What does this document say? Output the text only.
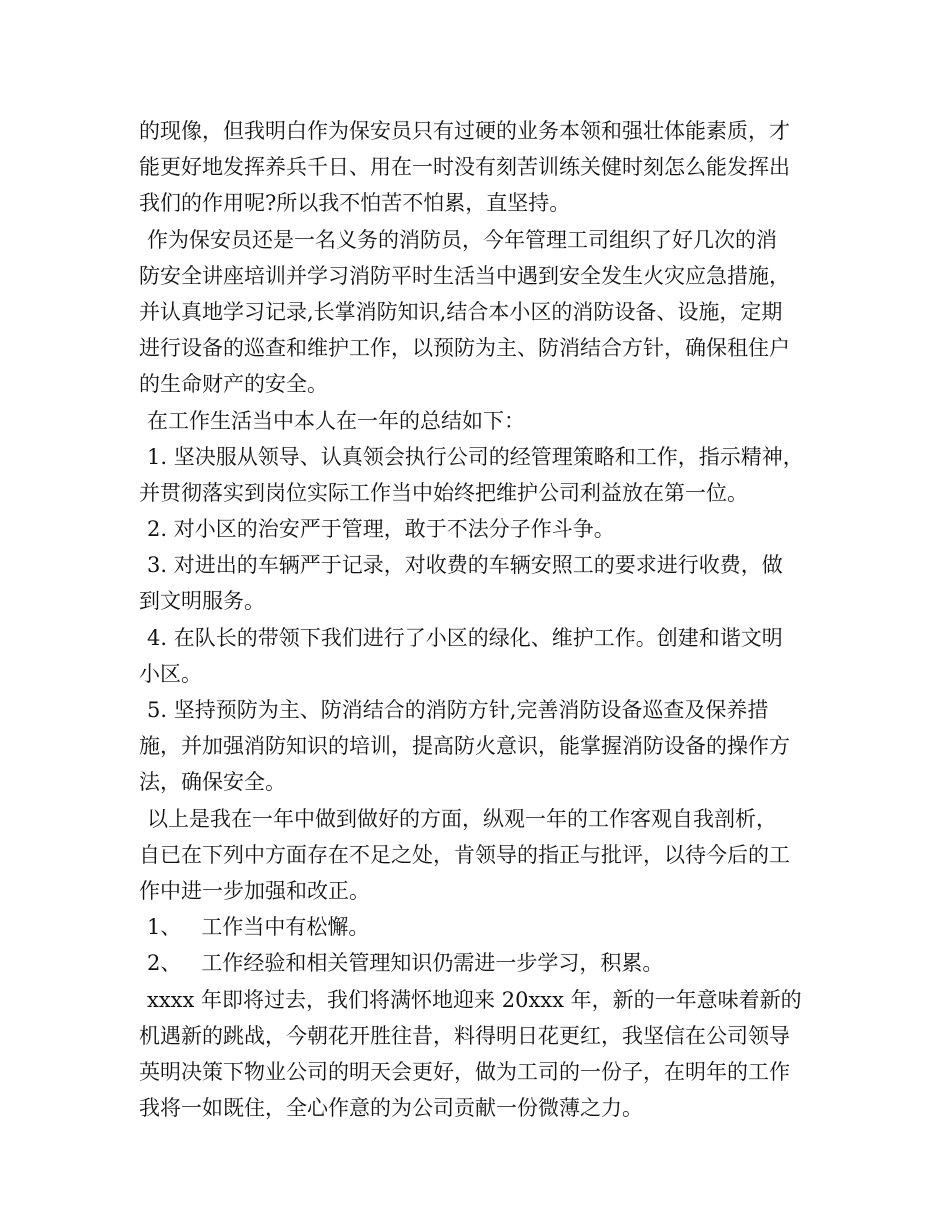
的现像，但我明白作为保安员只有过硬的业务本领和强壮体能素质，才
能更好地发挥养兵千日、用在一时没有刻苦训练关健时刻怎么能发挥出
我们的作用呢?所以我不怕苦不怕累，直坚持。
作为保安员还是一名义务的消防员，今年管理工司组织了好几次的消
防安全讲座培训并学习消防平时生活当中遇到安全发生火灾应急措施，
并认真地学习记录,长掌消防知识,结合本小区的消防设备、设施，定期
进行设备的巡查和维护工作，以预防为主、防消结合方针，确保租住户
的生命财产的安全。
在工作生活当中本人在一年的总结如下：
1. 坚决服从领导、认真领会执行公司的经管理策略和工作，指示精神，
并贯彻落实到岗位实际工作当中始终把维护公司利益放在第一位。
2. 对小区的治安严于管理，敢于不法分子作斗争。
3. 对进出的车辆严于记录，对收费的车辆安照工的要求进行收费，做
到文明服务。
4. 在队长的带领下我们进行了小区的绿化、维护工作。创建和谐文明
小区。
5. 坚持预防为主、防消结合的消防方针,完善消防设备巡查及保养措
施，并加强消防知识的培训，提高防火意识，能掌握消防设备的操作方
法，确保安全。
以上是我在一年中做到做好的方面，纵观一年的工作客观自我剖析，
自已在下列中方面存在不足之处，肯领导的指正与批评，以待今后的工
作中进一步加强和改正。
1、   工作当中有松懈。
2、   工作经验和相关管理知识仍需进一步学习，积累。
xxxx 年即将过去，我们将满怀地迎来 20xxx 年，新的一年意味着新的
机遇新的跳战，今朝花开胜往昔，料得明日花更红，我坚信在公司领导
英明决策下物业公司的明天会更好，做为工司的一份子，在明年的工作
我将一如既住，全心作意的为公司贡献一份微薄之力。
